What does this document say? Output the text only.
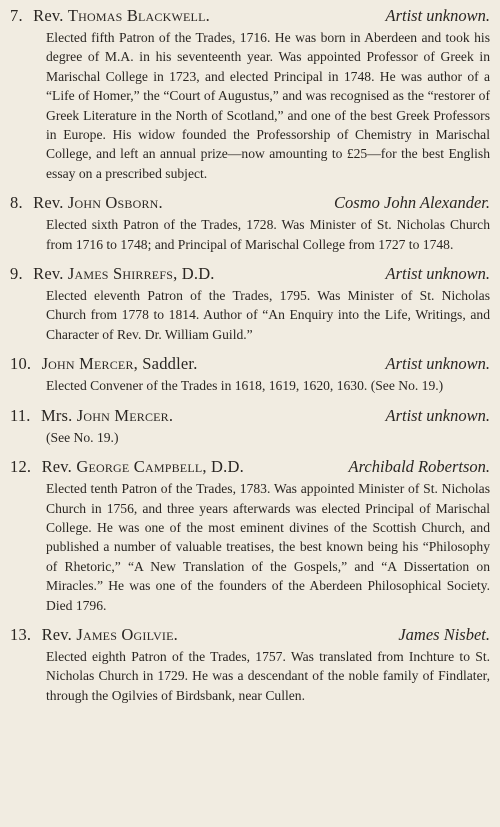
7. Rev. Thomas Blackwell.	Artist unknown.

Elected fifth Patron of the Trades, 1716. He was born in Aberdeen and took his degree of M.A. in his seventeenth year. Was appointed Professor of Greek in Marischal College in 1723, and elected Principal in 1748. He was author of a “Life of Homer,” the “Court of Augustus,” and was recognised as the “restorer of Greek Literature in the North of Scotland,” and one of the best Greek Professors in Europe. His widow founded the Professorship of Chemistry in Marischal College, and left an annual prize—now amounting to £25—for the best English essay on a prescribed subject.

8. Rev. John Osborn.	Cosmo John Alexander.

Elected sixth Patron of the Trades, 1728. Was Minister of St. Nicholas Church from 1716 to 1748; and Principal of Marischal College from 1727 to 1748.

9. Rev. James Shirrefs, D.D.	Artist unknown.

Elected eleventh Patron of the Trades, 1795. Was Minister of St. Nicholas Church from 1778 to 1814. Author of “An Enquiry into the Life, Writings, and Character of Rev. Dr. William Guild.”

10. John Mercer, Saddler.	Artist unknown.

Elected Convener of the Trades in 1618, 1619, 1620, 1630. (See No. 19.)

11. Mrs. John Mercer.	Artist unknown.

(See No. 19.)

12. Rev. George Campbell, D.D.	Archibald Robertson.

Elected tenth Patron of the Trades, 1783. Was appointed Minister of St. Nicholas Church in 1756, and three years afterwards was elected Principal of Marischal College. He was one of the most eminent divines of the Scottish Church, and published a number of valuable treatises, the best known being his “Philosophy of Rhetoric,” “A New Translation of the Gospels,” and “A Dissertation on Miracles.” He was one of the founders of the Aberdeen Philosophical Society. Died 1796.

13. Rev. James Ogilvie.	James Nisbet.

Elected eighth Patron of the Trades, 1757. Was translated from Inchture to St. Nicholas Church in 1729. He was a descendant of the noble family of Findlater, through the Ogilvies of Birdsbank, near Cullen.
